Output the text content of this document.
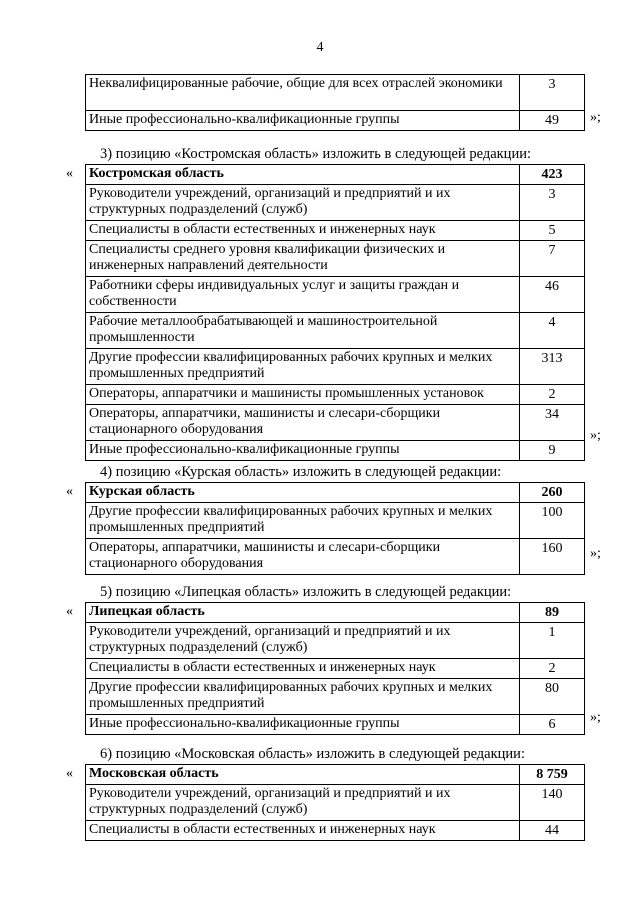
4
Неквалифицированные рабочие, общие для всех отраслей экономики	3
Иные профессионально-квалификационные группы	49 »;
3) позицию «Костромская область» изложить в следующей редакции:
« Костромская область	423
Руководители учреждений, организаций и предприятий и их структурных подразделений (служб)	3
Специалисты в области естественных и инженерных наук	5
Специалисты среднего уровня квалификации физических и инженерных направлений деятельности	7
Работники сферы индивидуальных услуг и защиты граждан и собственности	46
Рабочие металлообрабатывающей и машиностроительной промышленности	4
Другие профессии квалифицированных рабочих крупных и мелких промышленных предприятий	313
Операторы, аппаратчики и машинисты промышленных установок	2
Операторы, аппаратчики, машинисты и слесари-сборщики стационарного оборудования	34
Иные профессионально-квалификационные группы	9
»;
4) позицию «Курская область» изложить в следующей редакции:
« Курская область	260
Другие профессии квалифицированных рабочих крупных и мелких промышленных предприятий	100
Операторы, аппаратчики, машинисты и слесари-сборщики стационарного оборудования	160 »;
5) позицию «Липецкая область» изложить в следующей редакции:
« Липецкая область	89
Руководители учреждений, организаций и предприятий и их структурных подразделений (служб)	1
Специалисты в области естественных и инженерных наук	2
Другие профессии квалифицированных рабочих крупных и мелких промышленных предприятий	80
Иные профессионально-квалификационные группы	6 »;
6) позицию «Московская область» изложить в следующей редакции:
« Московская область	8 759
Руководители учреждений, организаций и предприятий и их структурных подразделений (служб)	140
Специалисты в области естественных и инженерных наук	44
